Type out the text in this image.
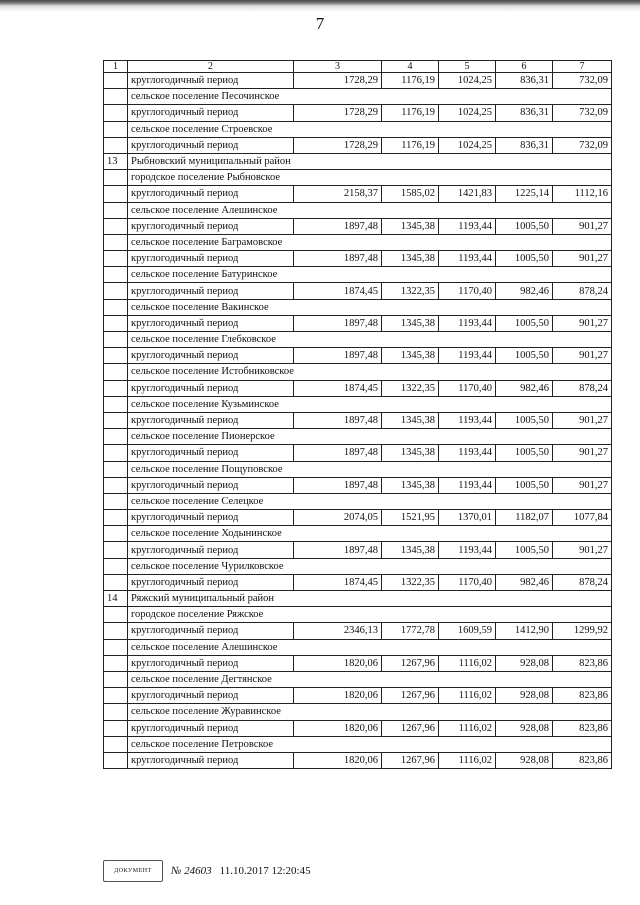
7
1	2	3	4	5	6	7
	круглогодичный период	1728,29	1176,19	1024,25	836,31	732,09
	сельское поселение Песочинское					
	круглогодичный период	1728,29	1176,19	1024,25	836,31	732,09
	сельское поселение Строевское					
	круглогодичный период	1728,29	1176,19	1024,25	836,31	732,09
13	Рыбновский муниципальный район					
	городское поселение Рыбновское					
	круглогодичный период	2158,37	1585,02	1421,83	1225,14	1112,16
	сельское поселение Алешинское					
	круглогодичный период	1897,48	1345,38	1193,44	1005,50	901,27
	сельское поселение Баграмовское					
	круглогодичный период	1897,48	1345,38	1193,44	1005,50	901,27
	сельское поселение Батуринское					
	круглогодичный период	1874,45	1322,35	1170,40	982,46	878,24
	сельское поселение Вакинское					
	круглогодичный период	1897,48	1345,38	1193,44	1005,50	901,27
	сельское поселение Глебковское					
	круглогодичный период	1897,48	1345,38	1193,44	1005,50	901,27
	сельское поселение Истобниковское					
	круглогодичный период	1874,45	1322,35	1170,40	982,46	878,24
	сельское поселение Кузьминское					
	круглогодичный период	1897,48	1345,38	1193,44	1005,50	901,27
	сельское поселение Пионерское					
	круглогодичный период	1897,48	1345,38	1193,44	1005,50	901,27
	сельское поселение Пощуповское					
	круглогодичный период	1897,48	1345,38	1193,44	1005,50	901,27
	сельское поселение Селецкое					
	круглогодичный период	2074,05	1521,95	1370,01	1182,07	1077,84
	сельское поселение Ходынинское					
	круглогодичный период	1897,48	1345,38	1193,44	1005,50	901,27
	сельское поселение Чурилковское					
	круглогодичный период	1874,45	1322,35	1170,40	982,46	878,24
14	Ряжский муниципальный район					
	городское поселение Ряжское					
	круглогодичный период	2346,13	1772,78	1609,59	1412,90	1299,92
	сельское поселение Алешинское					
	круглогодичный период	1820,06	1267,96	1116,02	928,08	823,86
	сельское поселение Дегтянское					
	круглогодичный период	1820,06	1267,96	1116,02	928,08	823,86
	сельское поселение Журавинское					
	круглогодичный период	1820,06	1267,96	1116,02	928,08	823,86
	сельское поселение Петровское					
	круглогодичный период	1820,06	1267,96	1116,02	928,08	823,86
ДОКУМЕНТ № 24603 11.10.2017 12:20:45
